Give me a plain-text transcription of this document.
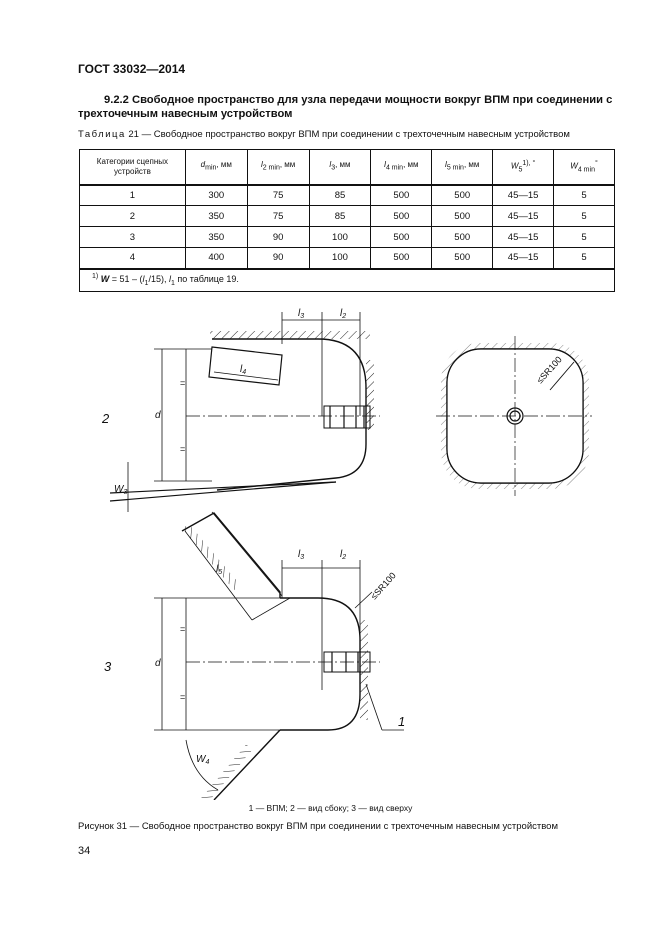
ГОСТ 33032—2014
9.2.2 Свободное пространство для узла передачи мощности вокруг ВПМ при соединении с
трехточечным навесным устройством
Таблица 21 — Свободное пространство вокруг ВПМ при соединении с трехточечным навесным устройством
Категории сцепных устройств	$d_{min}$, мм	$l_{2 min}$, мм	$l_3$, мм	$l_{4 min}$, мм	$l_{5 min}$, мм	$W_5^{1), ^\circ}$	$W_{4 min}^\circ$
1	300	75	85	500	500	45—15	5
2	350	75	85	500	500	45—15	5
3	350	90	100	500	500	45—15	5
4	400	90	100	500	500	45—15	5
$^{1)}$ $W = 51 - (l_1/15)$, $l_1$ по таблице 19.							
2
3
1
$l_3$	$l_2$
$l_4$
d
=
=
$W_3$
≤SR100
$l_3$	$l_2$
$l_5$
d
=
=
$W_4$
≤SR100
1 — ВПМ; 2 — вид сбоку; 3 — вид сверху
Рисунок 31 — Свободное пространство вокруг ВПМ при соединении с трехточечным навесным устройством
34
